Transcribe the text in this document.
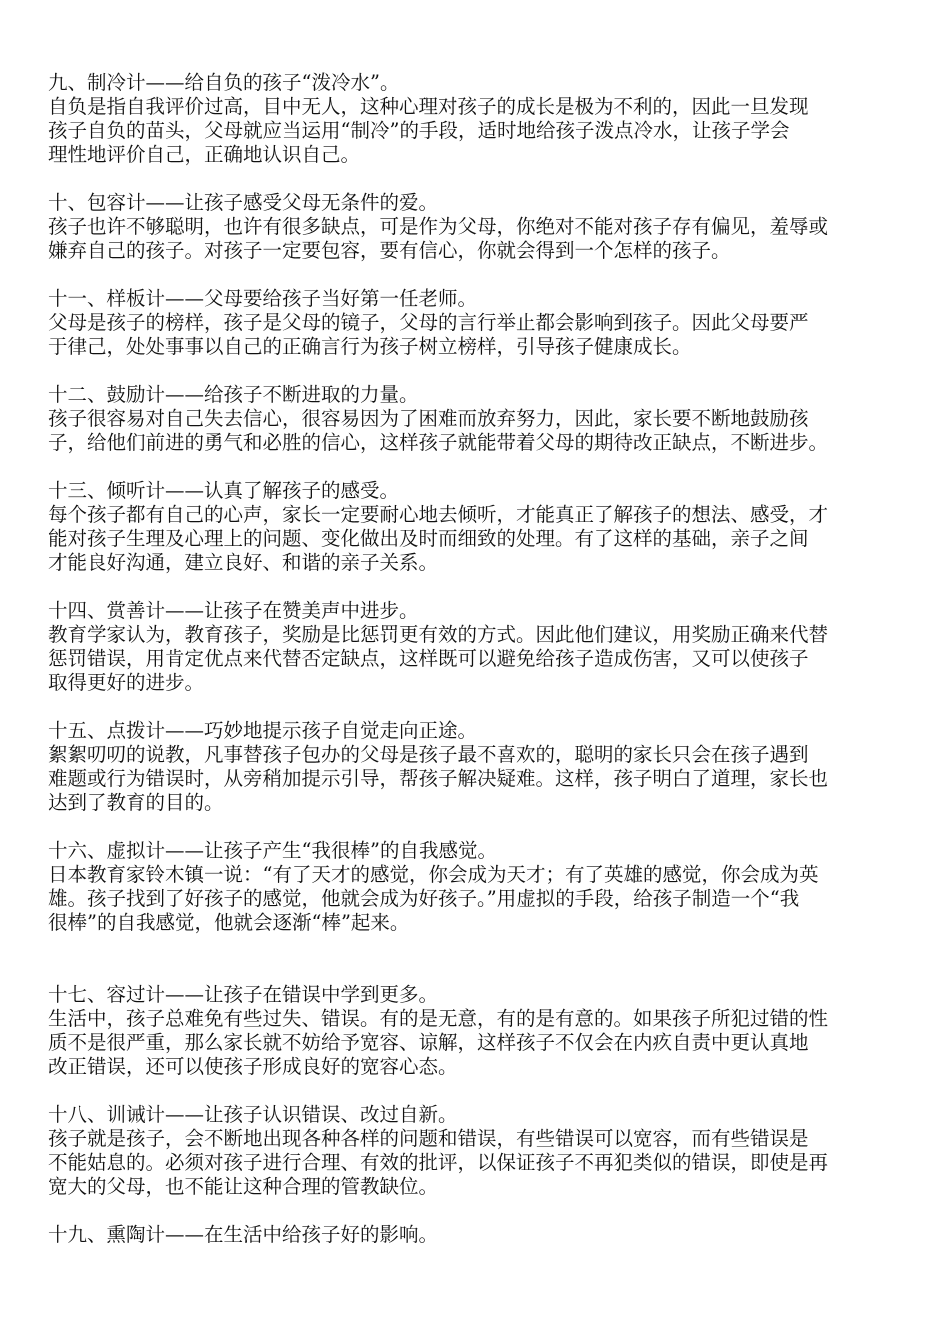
九、制冷计——给自负的孩子“泼冷水”。
自负是指自我评价过高，目中无人，这种心理对孩子的成长是极为不利的，因此一旦发现
孩子自负的苗头，父母就应当运用“制冷”的手段，适时地给孩子泼点冷水，让孩子学会
理性地评价自己，正确地认识自己。
十、包容计——让孩子感受父母无条件的爱。
孩子也许不够聪明，也许有很多缺点，可是作为父母，你绝对不能对孩子存有偏见，羞辱或
嫌弃自己的孩子。对孩子一定要包容，要有信心，你就会得到一个怎样的孩子。
十一、样板计——父母要给孩子当好第一任老师。
父母是孩子的榜样，孩子是父母的镜子，父母的言行举止都会影响到孩子。因此父母要严
于律己，处处事事以自己的正确言行为孩子树立榜样，引导孩子健康成长。
十二、鼓励计——给孩子不断进取的力量。
孩子很容易对自己失去信心，很容易因为了困难而放弃努力，因此，家长要不断地鼓励孩
子，给他们前进的勇气和必胜的信心，这样孩子就能带着父母的期待改正缺点，不断进步。
十三、倾听计——认真了解孩子的感受。
每个孩子都有自己的心声，家长一定要耐心地去倾听，才能真正了解孩子的想法、感受，才
能对孩子生理及心理上的问题、变化做出及时而细致的处理。有了这样的基础，亲子之间
才能良好沟通，建立良好、和谐的亲子关系。
十四、赏善计——让孩子在赞美声中进步。
教育学家认为，教育孩子，奖励是比惩罚更有效的方式。因此他们建议，用奖励正确来代替
惩罚错误，用肯定优点来代替否定缺点，这样既可以避免给孩子造成伤害，又可以使孩子
取得更好的进步。
十五、点拨计——巧妙地提示孩子自觉走向正途。
絮絮叨叨的说教，凡事替孩子包办的父母是孩子最不喜欢的，聪明的家长只会在孩子遇到
难题或行为错误时，从旁稍加提示引导，帮孩子解决疑难。这样，孩子明白了道理，家长也
达到了教育的目的。
十六、虚拟计——让孩子产生“我很棒”的自我感觉。
日本教育家铃木镇一说：“有了天才的感觉，你会成为天才；有了英雄的感觉，你会成为英
雄。孩子找到了好孩子的感觉，他就会成为好孩子。”用虚拟的手段，给孩子制造一个“我
很棒”的自我感觉，他就会逐渐“棒”起来。
十七、容过计——让孩子在错误中学到更多。
生活中，孩子总难免有些过失、错误。有的是无意，有的是有意的。如果孩子所犯过错的性
质不是很严重，那么家长就不妨给予宽容、谅解，这样孩子不仅会在内疚自责中更认真地
改正错误，还可以使孩子形成良好的宽容心态。
十八、训诫计——让孩子认识错误、改过自新。
孩子就是孩子，会不断地出现各种各样的问题和错误，有些错误可以宽容，而有些错误是
不能姑息的。必须对孩子进行合理、有效的批评，以保证孩子不再犯类似的错误，即使是再
宽大的父母，也不能让这种合理的管教缺位。
十九、熏陶计——在生活中给孩子好的影响。
